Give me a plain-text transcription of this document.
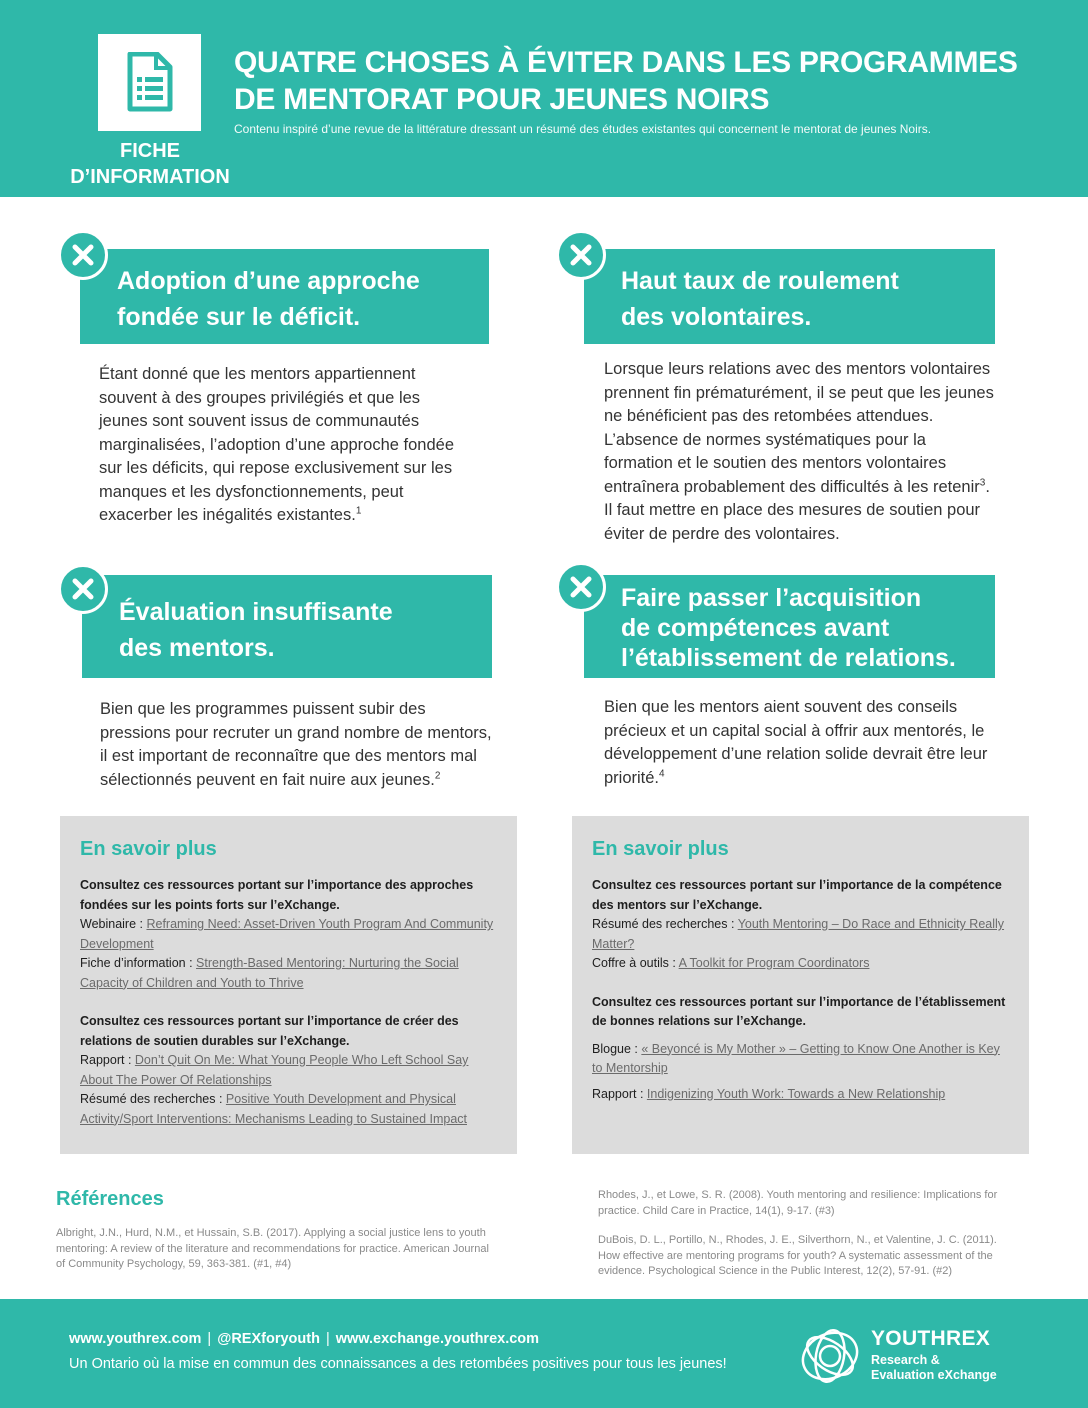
FICHE
D’INFORMATION
QUATRE CHOSES À ÉVITER DANS LES PROGRAMMES
DE MENTORAT POUR JEUNES NOIRS
Contenu inspiré d’une revue de la littérature dressant un résumé des études existantes qui concernent le mentorat de jeunes Noirs.
Adoption d’une approche
fondée sur le déficit.
Étant donné que les mentors appartiennent souvent à des groupes privilégiés et que les jeunes sont souvent issus de communautés marginalisées, l’adoption d’une approche fondée sur les déficits, qui repose exclusivement sur les manques et les dysfonctionnements, peut exacerber les inégalités existantes.$^1$
Haut taux de roulement
des volontaires.
Lorsque leurs relations avec des mentors volontaires prennent fin prématurément, il se peut que les jeunes ne bénéficient pas des retombées attendues. L’absence de normes systématiques pour la formation et le soutien des mentors volontaires entraînera probablement des difficultés à les retenir$^3$. Il faut mettre en place des mesures de soutien pour éviter de perdre des volontaires.
Évaluation insuffisante
des mentors.
Bien que les programmes puissent subir des pressions pour recruter un grand nombre de mentors, il est important de reconnaître que des mentors mal sélectionnés peuvent en fait nuire aux jeunes.$^2$
Faire passer l’acquisition
de compétences avant
l’établissement de relations.
Bien que les mentors aient souvent des conseils précieux et un capital social à offrir aux mentorés, le développement d’une relation solide devrait être leur priorité.$^4$
En savoir plus
Consultez ces ressources portant sur l’importance des approches fondées sur les points forts sur l’eXchange.
Webinaire : Reframing Need: Asset-Driven Youth Program And Community Development
Fiche d’information : Strength-Based Mentoring: Nurturing the Social Capacity of Children and Youth to Thrive
Consultez ces ressources portant sur l’importance de créer des relations de soutien durables sur l’eXchange.
Rapport : Don’t Quit On Me: What Young People Who Left School Say About The Power Of Relationships
Résumé des recherches : Positive Youth Development and Physical Activity/Sport Interventions: Mechanisms Leading to Sustained Impact
En savoir plus
Consultez ces ressources portant sur l’importance de la compétence des mentors sur l’eXchange.
Résumé des recherches : Youth Mentoring – Do Race and Ethnicity Really Matter?
Coffre à outils : A Toolkit for Program Coordinators
Consultez ces ressources portant sur l’importance de l’établissement de bonnes relations sur l’eXchange.
Blogue : « Beyoncé is My Mother » – Getting to Know One Another is Key to Mentorship
Rapport : Indigenizing Youth Work: Towards a New Relationship
Références
Albright, J.N., Hurd, N.M., et Hussain, S.B. (2017). Applying a social justice lens to youth mentoring: A review of the literature and recommendations for practice. American Journal of Community Psychology, 59, 363-381. (#1, #4)
Rhodes, J., et Lowe, S. R. (2008). Youth mentoring and resilience: Implications for practice. Child Care in Practice, 14(1), 9-17. (#3)
DuBois, D. L., Portillo, N., Rhodes, J. E., Silverthorn, N., et Valentine, J. C. (2011). How effective are mentoring programs for youth? A systematic assessment of the evidence. Psychological Science in the Public Interest, 12(2), 57-91. (#2)
www.youthrex.com | @REXforyouth | www.exchange.youthrex.com
Un Ontario où la mise en commun des connaissances a des retombées positives pour tous les jeunes!
YOUTHREX
Research &
Evaluation eXchange
